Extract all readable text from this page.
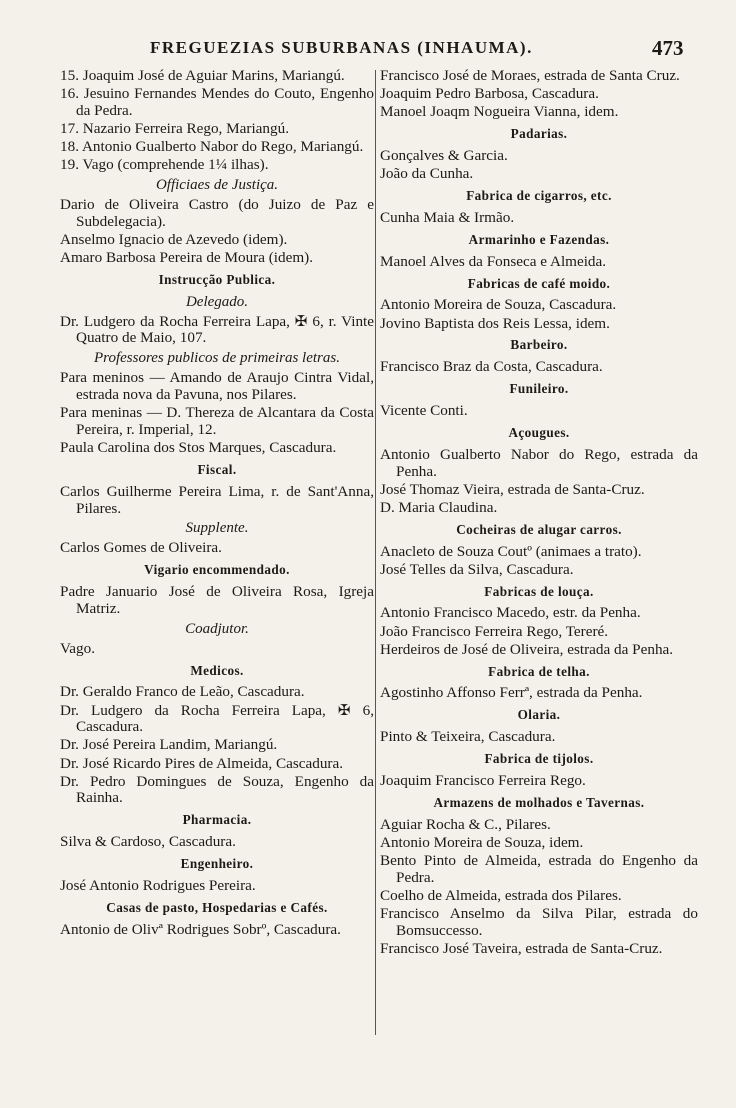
FREGUEZIAS SUBURBANAS (INHAUMA).	473
15. Joaquim José de Aguiar Marins, Mariangú.
16. Jesuino Fernandes Mendes do Couto, Engenho da Pedra.
17. Nazario Ferreira Rego, Mariangú.
18. Antonio Gualberto Nabor do Rego, Mariangú.
19. Vago (comprehende 1¼ ilhas).
Officiaes de Justiça.
Dario de Oliveira Castro (do Juizo de Paz e Subdelegacia).
Anselmo Ignacio de Azevedo (idem).
Amaro Barbosa Pereira de Moura (idem).
Instrucção Publica.
Delegado.
Dr. Ludgero da Rocha Ferreira Lapa, ✠ 6, r. Vinte Quatro de Maio, 107.
Professores publicos de primeiras letras.
Para meninos — Amando de Araujo Cintra Vidal, estrada nova da Pavuna, nos Pilares.
Para meninas — D. Thereza de Alcantara da Costa Pereira, r. Imperial, 12.
Paula Carolina dos Stos Marques, Cascadura.
Fiscal.
Carlos Guilherme Pereira Lima, r. de Sant'Anna, Pilares.
Supplente.
Carlos Gomes de Oliveira.
Vigario encommendado.
Padre Januario José de Oliveira Rosa, Igreja Matriz.
Coadjutor.
Vago.
Medicos.
Dr. Geraldo Franco de Leão, Cascadura.
Dr. Ludgero da Rocha Ferreira Lapa, ✠ 6, Cascadura.
Dr. José Pereira Landim, Mariangú.
Dr. José Ricardo Pires de Almeida, Cascadura.
Dr. Pedro Domingues de Souza, Engenho da Rainha.
Pharmacia.
Silva & Cardoso, Cascadura.
Engenheiro.
José Antonio Rodrigues Pereira.
Casas de pasto, Hospedarias e Cafés.
Antonio de Olivª Rodrigues Sobrº, Cascadura.
Francisco José de Moraes, estrada de Santa Cruz.
Joaquim Pedro Barbosa, Cascadura.
Manoel Joaqm Nogueira Vianna, idem.
Padarias.
Gonçalves & Garcia.
João da Cunha.
Fabrica de cigarros, etc.
Cunha Maia & Irmão.
Armarinho e Fazendas.
Manoel Alves da Fonseca e Almeida.
Fabricas de café moido.
Antonio Moreira de Souza, Cascadura.
Jovino Baptista dos Reis Lessa, idem.
Barbeiro.
Francisco Braz da Costa, Cascadura.
Funileiro.
Vicente Conti.
Açougues.
Antonio Gualberto Nabor do Rego, estrada da Penha.
José Thomaz Vieira, estrada de Santa-Cruz.
D. Maria Claudina.
Cocheiras de alugar carros.
Anacleto de Souza Coutº (animaes a trato).
José Telles da Silva, Cascadura.
Fabricas de louça.
Antonio Francisco Macedo, estr. da Penha.
João Francisco Ferreira Rego, Tereré.
Herdeiros de José de Oliveira, estrada da Penha.
Fabrica de telha.
Agostinho Affonso Ferrª, estrada da Penha.
Olaria.
Pinto & Teixeira, Cascadura.
Fabrica de tijolos.
Joaquim Francisco Ferreira Rego.
Armazens de molhados e Tavernas.
Aguiar Rocha & C., Pilares.
Antonio Moreira de Souza, idem.
Bento Pinto de Almeida, estrada do Engenho da Pedra.
Coelho de Almeida, estrada dos Pilares.
Francisco Anselmo da Silva Pilar, estrada do Bomsuccesso.
Francisco José Taveira, estrada de Santa-Cruz.
